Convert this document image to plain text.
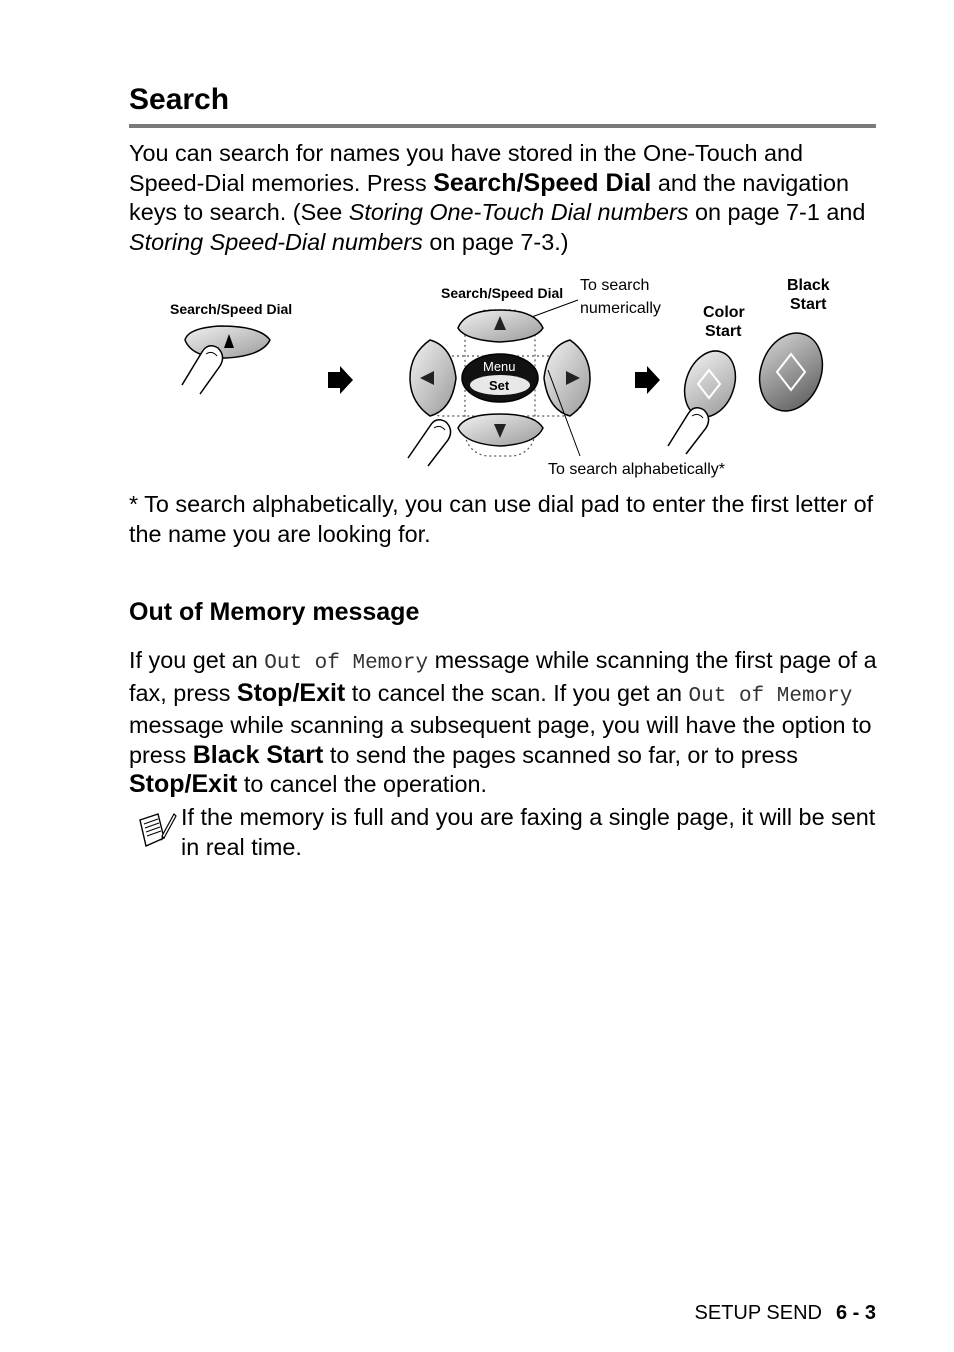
Search

You can search for names you have stored in the One-Touch and Speed-Dial memories. Press Search/Speed Dial and the navigation keys to search. (See Storing One-Touch Dial numbers on page 7-1 and Storing Speed-Dial numbers on page 7-3.)

Search/Speed Dial
Search/Speed Dial To search
numerically
Menu
Set
To search alphabetically*
Color
Start
Black
Start

* To search alphabetically, you can use dial pad to enter the first letter of the name you are looking for.

Out of Memory message

If you get an Out of Memory message while scanning the first page of a fax, press Stop/Exit to cancel the scan. If you get an Out of Memory message while scanning a subsequent page, you will have the option to press Black Start to send the pages scanned so far, or to press Stop/Exit to cancel the operation.

If the memory is full and you are faxing a single page, it will be sent in real time.

SETUP SEND 6 - 3
